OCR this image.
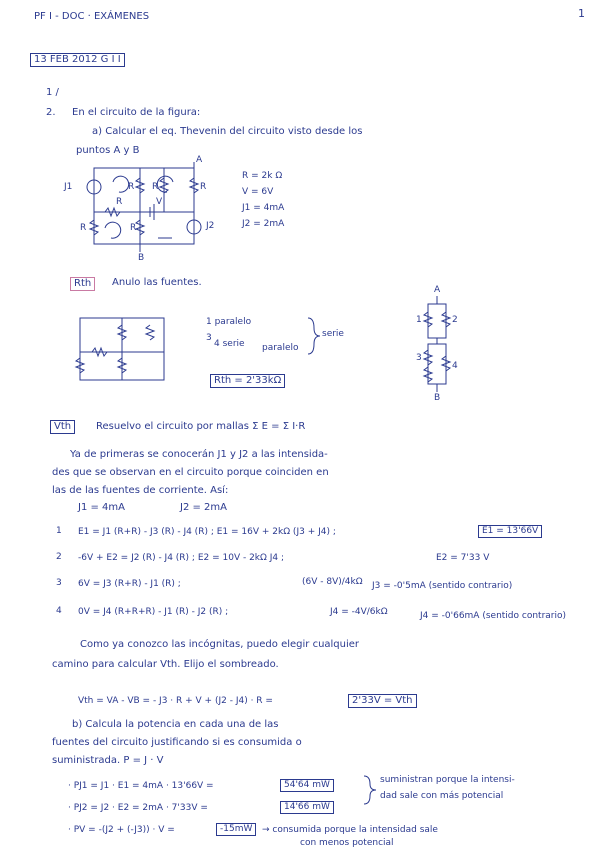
PF I - DOC · EXÁMENES	1
13 FEB 2012 G I I
1 /
2. En el circuito de la figura:
a) Calcular el eq. Thevenin del circuito visto desde los
puntos A y B
A
B
J1
J2
R R	R
R
R	R
V
R = 2k Ω
V = 6V
J1 = 4mA
J2 = 2mA
Rth	Anulo las fuentes.
1 paralelo
3
4 serie paralelo
serie
Rth = 2'33kΩ
A
B
1	2
3
4
Vth	Resuelvo el circuito por mallas Σ E = Σ I·R
Ya de primeras se conocerán J1 y J2 a las intensida-
des que se observan en el circuito porque coinciden en
las de las fuentes de corriente. Así:
J1 = 4mA	J2 = 2mA
1 E1 = J1 (R+R) - J3 (R) - J4 (R) ; E1 = 16V + 2kΩ (J3 + J4) ;	E1 = 13'66V
2 -6V + E2 = J2 (R) - J4 (R) ; E2 = 10V - 2kΩ J4 ;	E2 = 7'33 V
3 6V = J3 (R+R) - J1 (R) ;	(6V - 8V)/4kΩ J3 = -0'5mA (sentido contrario)
4 0V = J4 (R+R+R) - J1 (R) - J2 (R) ;	J4 = -4V/6kΩ	J4 = -0'66mA (sentido contrario)
Como ya conozco las incógnitas, puedo elegir cualquier
camino para calcular Vth. Elijo el sombreado.
Vth = VA - VB = - J3 · R + V + (J2 - J4) · R =	2'33V = Vth
b) Calcula la potencia en cada una de las
fuentes del circuito justificando si es consumida o
suministrada. P = J · V
· PJ1 = J1 · E1 = 4mA · 13'66V =	54'64 mW
· PJ2 = J2 · E2 = 2mA · 7'33V =	14'66 mW
· PV = -(J2 + (-J3)) · V =	-15mW
suministran porque la intensi-
dad sale con más potencial
→ consumida porque la intensidad sale
con menos potencial
